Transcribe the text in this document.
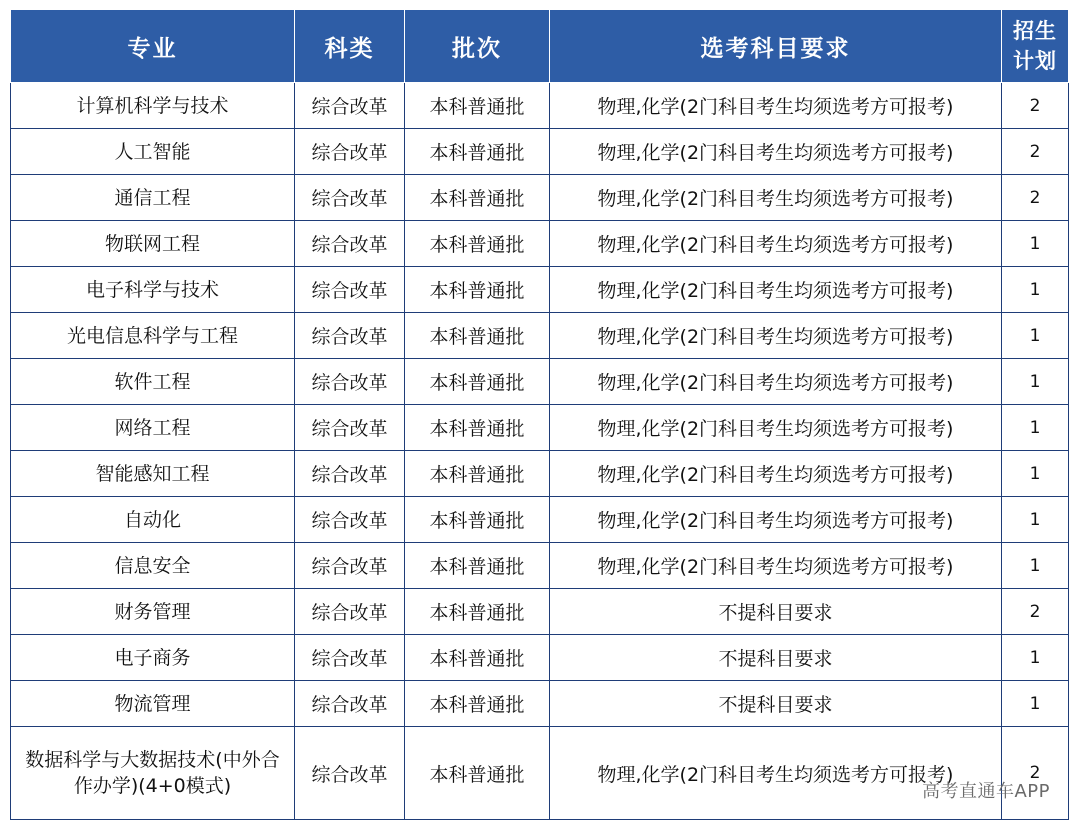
专业	科类	批次	选考科目要求	招生
计划

计算机科学与技术	综合改革	本科普通批	物理,化学(2门科目考生均须选考方可报考)	2
人工智能	综合改革	本科普通批	物理,化学(2门科目考生均须选考方可报考)	2
通信工程	综合改革	本科普通批	物理,化学(2门科目考生均须选考方可报考)	2
物联网工程	综合改革	本科普通批	物理,化学(2门科目考生均须选考方可报考)	1
电子科学与技术	综合改革	本科普通批	物理,化学(2门科目考生均须选考方可报考)	1
光电信息科学与工程	综合改革	本科普通批	物理,化学(2门科目考生均须选考方可报考)	1
软件工程	综合改革	本科普通批	物理,化学(2门科目考生均须选考方可报考)	1
网络工程	综合改革	本科普通批	物理,化学(2门科目考生均须选考方可报考)	1
智能感知工程	综合改革	本科普通批	物理,化学(2门科目考生均须选考方可报考)	1
自动化	综合改革	本科普通批	物理,化学(2门科目考生均须选考方可报考)	1
信息安全	综合改革	本科普通批	物理,化学(2门科目考生均须选考方可报考)	1
财务管理	综合改革	本科普通批	不提科目要求	2
电子商务	综合改革	本科普通批	不提科目要求	1
物流管理	综合改革	本科普通批	不提科目要求	1
数据科学与大数据技术(中外合作办学)(4+0模式)	综合改革	本科普通批	物理,化学(2门科目考生均须选考方可报考)	2
高考直通车APP
